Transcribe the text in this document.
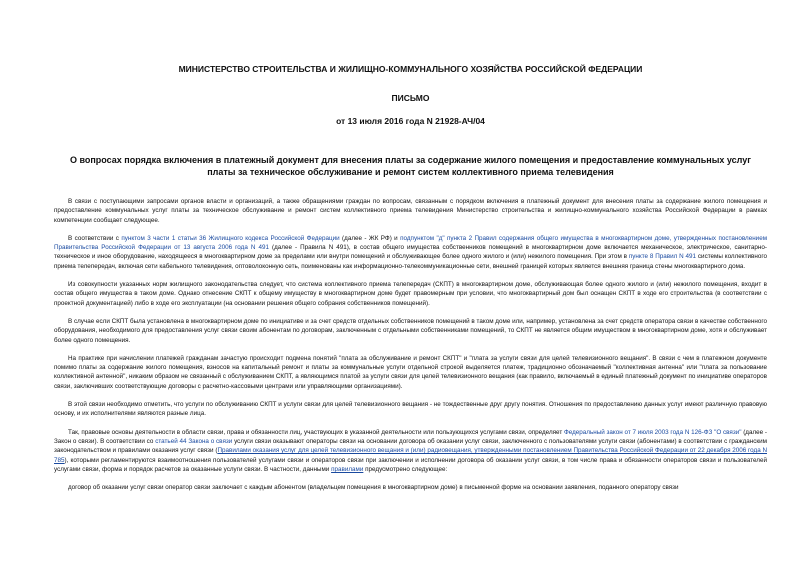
МИНИСТЕРСТВО СТРОИТЕЛЬСТВА И ЖИЛИЩНО-КОММУНАЛЬНОГО ХОЗЯЙСТВА РОССИЙСКОЙ ФЕДЕРАЦИИ
ПИСЬМО
от 13 июля 2016 года N 21928-АЧ/04
О вопросах порядка включения в платежный документ для внесения платы за содержание жилого помещения и предоставление коммунальных услуг платы за техническое обслуживание и ремонт систем коллективного приема телевидения

В связи с поступающими запросами органов власти и организаций, а также обращениями граждан по вопросам, связанным с порядком включения в платежный документ для внесения платы за содержание жилого помещения и предоставление коммунальных услуг платы за техническое обслуживание и ремонт систем коллективного приема телевидения Министерство строительства и жилищно-коммунального хозяйства Российской Федерации в рамках компетенции сообщает следующее.

В соответствии с пунктом 3 части 1 статьи 36 Жилищного кодекса Российской Федерации (далее - ЖК РФ) и подпунктом "д" пункта 2 Правил содержания общего имущества в многоквартирном доме, утвержденных постановлением Правительства Российской Федерации от 13 августа 2006 года N 491 (далее - Правила N 491), в состав общего имущества собственников помещений в многоквартирном доме включается механическое, электрическое, санитарно-техническое и иное оборудование, находящееся в многоквартирном доме за пределами или внутри помещений и обслуживающее более одного жилого и (или) нежилого помещения. При этом в пункте 8 Правил N 491 системы коллективного приема телепередач, включая сети кабельного телевидения, оптоволоконную сеть, поименованы как информационно-телекоммуникационные сети, внешней границей которых является внешняя граница стены многоквартирного дома.

Из совокупности указанных норм жилищного законодательства следует, что система коллективного приема телепередач (СКПТ) в многоквартирном доме, обслуживающая более одного жилого и (или) нежилого помещения, входит в состав общего имущества в таком доме. Однако отнесение СКПТ к общему имуществу в многоквартирном доме будет правомерным при условии, что многоквартирный дом был оснащен СКПТ в ходе его строительства (в соответствии с проектной документацией) либо в ходе его эксплуатации (на основании решения общего собрания собственников помещений).

В случае если СКПТ была установлена в многоквартирном доме по инициативе и за счет средств отдельных собственников помещений в таком доме или, например, установлена за счет средств оператора связи в качестве собственного оборудования, необходимого для предоставления услуг связи своим абонентам по договорам, заключенным с отдельными собственниками помещений, то СКПТ не является общим имуществом в многоквартирном доме, хотя и обслуживает более одного помещения.

На практике при начислении платежей гражданам зачастую происходит подмена понятий "плата за обслуживание и ремонт СКПТ" и "плата за услуги связи для целей телевизионного вещания". В связи с чем в платежном документе помимо платы за содержание жилого помещения, взносов на капитальный ремонт и платы за коммунальные услуги отдельной строкой выделяется платеж, традиционно обозначаемый "коллективная антенна" или "плата за пользование коллективной антенной", никаким образом не связанный с обслуживанием СКПТ, а являющимся платой за услуги связи для целей телевизионного вещания (как правило, включаемый в единый платежный документ по инициативе операторов связи, заключивших соответствующие договоры с расчетно-кассовыми центрами или управляющими организациями).

В этой связи необходимо отметить, что услуги по обслуживанию СКПТ и услуги связи для целей телевизионного вещания - не тождественные друг другу понятия. Отношения по предоставлению данных услуг имеют различную правовую основу, и их исполнителями являются разные лица.

Так, правовые основы деятельности в области связи, права и обязанности лиц, участвующих в указанной деятельности или пользующихся услугами связи, определяет Федеральный закон от 7 июля 2003 года N 126-ФЗ "О связи" (далее - Закон о связи). В соответствии со статьей 44 Закона о связи услуги связи оказывают операторы связи на основании договора об оказании услуг связи, заключенного с пользователями услуги связи (абонентами) в соответствии с гражданским законодательством и правилами оказания услуг связи (Правилами оказания услуг для целей телевизионного вещания и (или) радиовещания, утвержденными постановлением Правительства Российской Федерации от 22 декабря 2006 года N 785), которыми регламентируются взаимоотношения пользователей услугами связи и операторов связи при заключении и исполнении договора об оказании услуг связи, в том числе права и обязанности операторов связи и пользователей услугами связи, форма и порядок расчетов за оказанные услуги связи. В частности, данными правилами предусмотрено следующее:

договор об оказании услуг связи оператор связи заключает с каждым абонентом (владельцем помещения в многоквартирном доме) в письменной форме на основании заявления, поданного оператору связи
